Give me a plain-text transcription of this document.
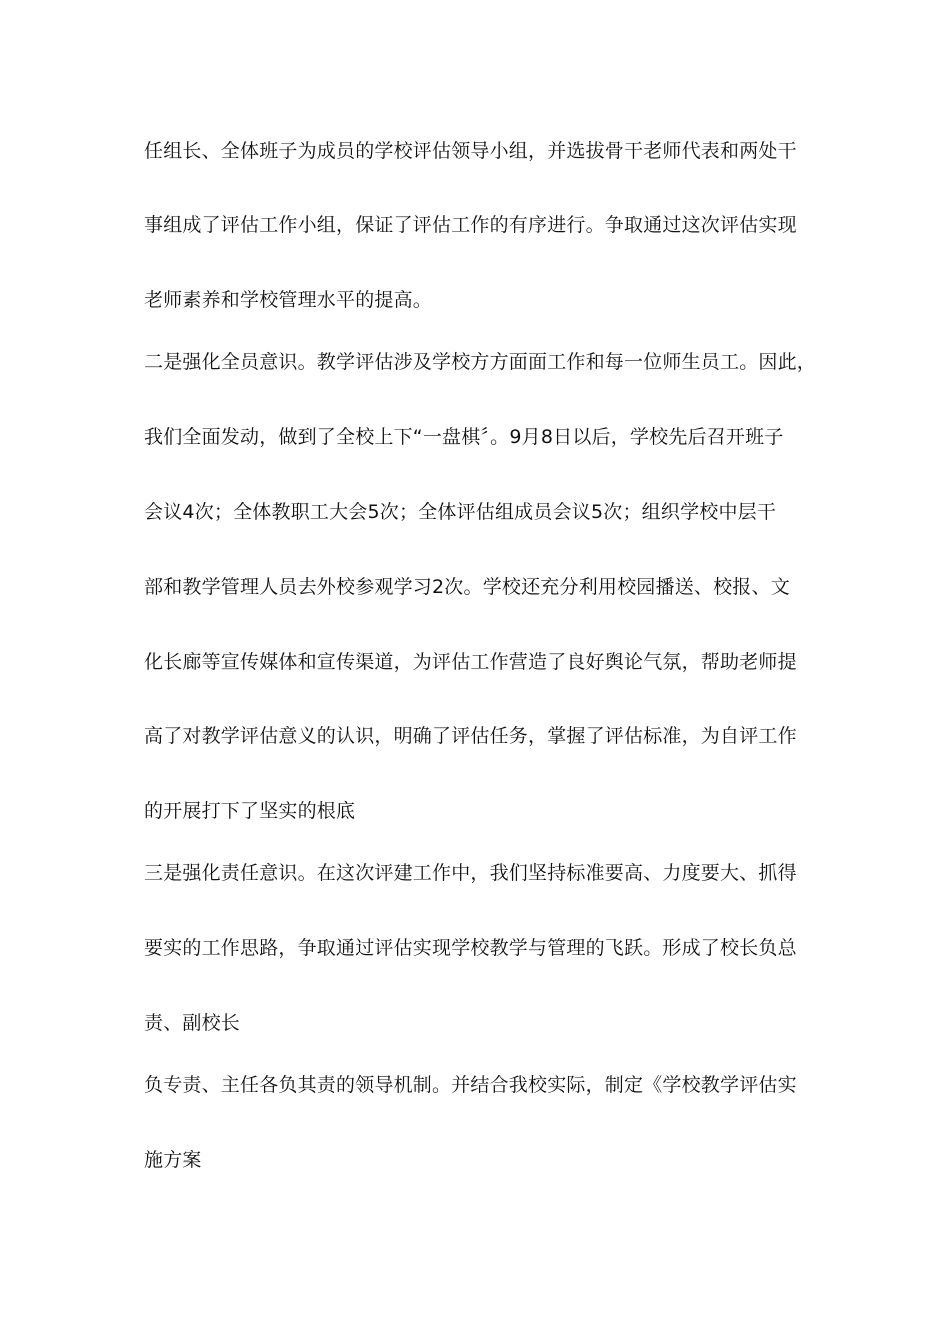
任组长、全体班子为成员的学校评估领导小组，并选拔骨干老师代表和两处干
事组成了评估工作小组，保证了评估工作的有序进行。争取通过这次评估实现
老师素养和学校管理水平的提高。
二是强化全员意识。教学评估涉及学校方方面面工作和每一位师生员工。因此，
我们全面发动，做到了全校上下“一盘棋〞。9月8日以后，学校先后召开班子
会议4次；全体教职工大会5次；全体评估组成员会议5次；组织学校中层干
部和教学管理人员去外校参观学习2次。学校还充分利用校园播送、校报、文
化长廊等宣传媒体和宣传渠道，为评估工作营造了良好舆论气氛，帮助老师提
高了对教学评估意义的认识，明确了评估任务，掌握了评估标准，为自评工作
的开展打下了坚实的根底
三是强化责任意识。在这次评建工作中，我们坚持标准要高、力度要大、抓得
要实的工作思路，争取通过评估实现学校教学与管理的飞跃。形成了校长负总
责、副校长
负专责、主任各负其责的领导机制。并结合我校实际，制定《学校教学评估实
施方案
